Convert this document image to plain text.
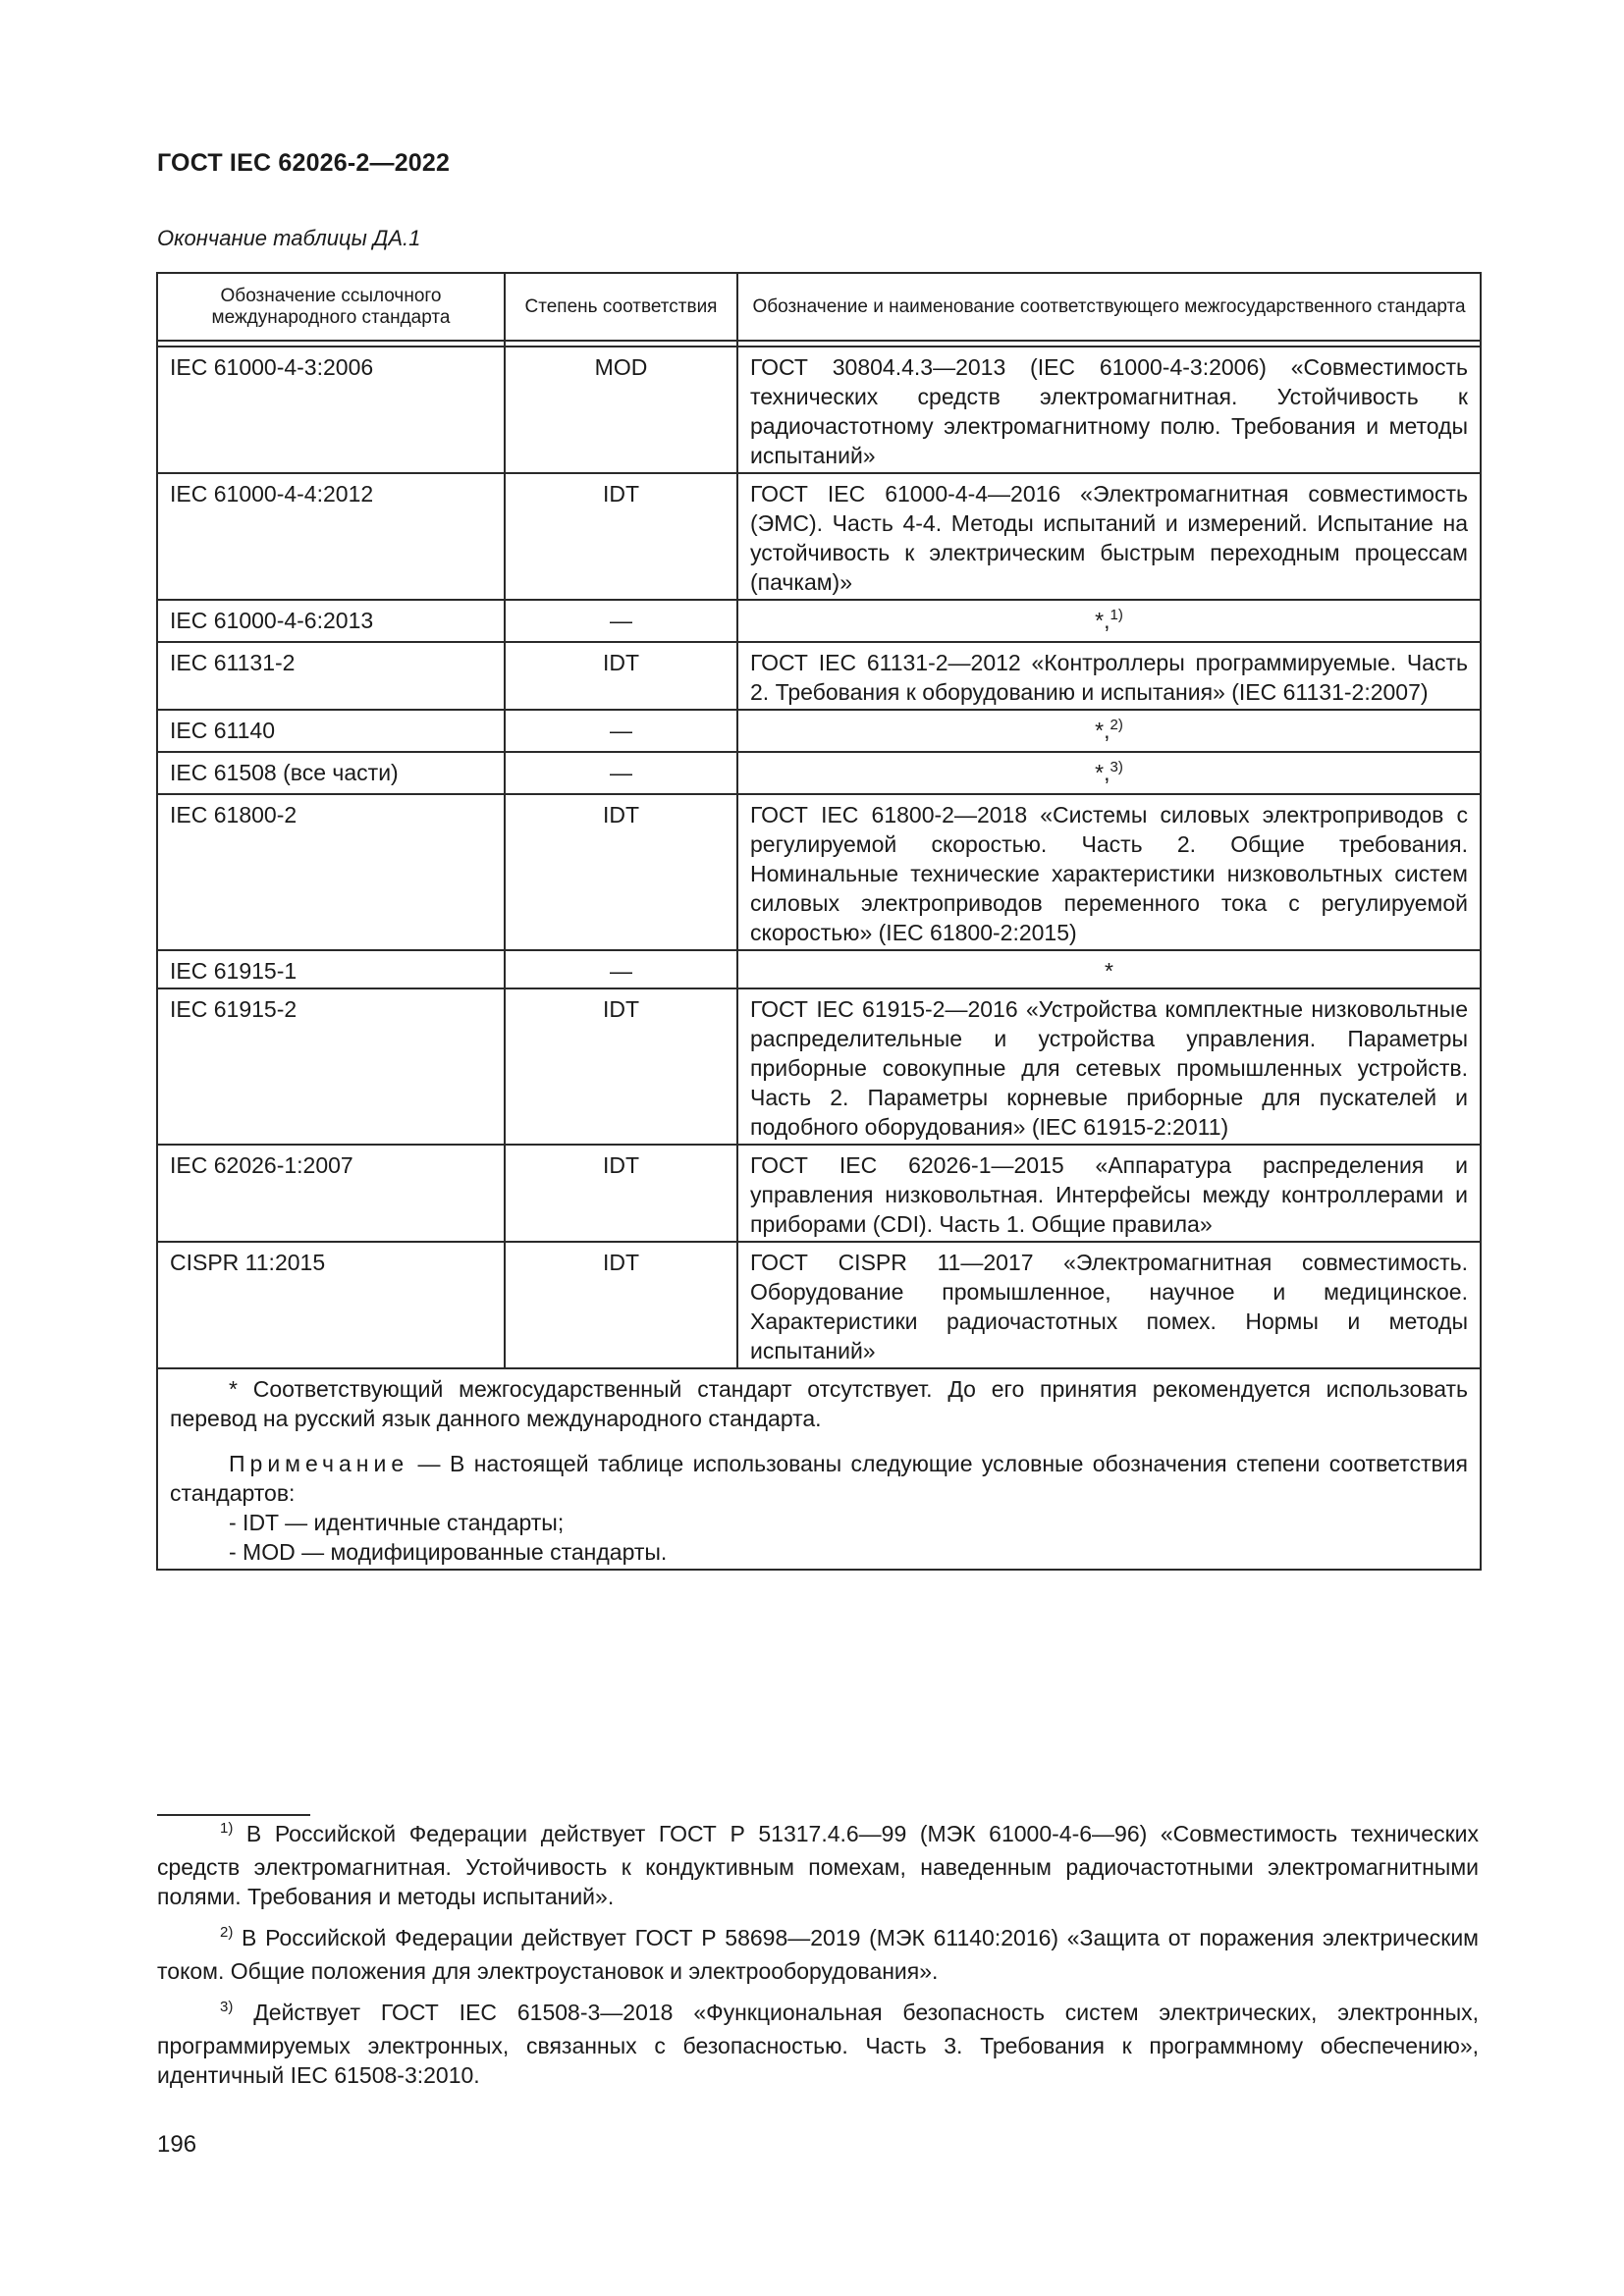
ГОСТ IEC 62026-2—2022
Окончание таблицы ДА.1
Обозначение ссылочного международного стандарта	Степень соответствия	Обозначение и наименование соответствующего межгосударственного стандарта

IEC 61000-4-3:2006	MOD	ГОСТ 30804.4.3—2013 (IEC 61000-4-3:2006) «Совместимость технических средств электромагнитная. Устойчивость к радиочастотному электромагнитному полю. Требования и методы испытаний»
IEC 61000-4-4:2012	IDT	ГОСТ IEC 61000-4-4—2016 «Электромагнитная совместимость (ЭМС). Часть 4-4. Методы испытаний и измерений. Испытание на устойчивость к электрическим быстрым переходным процессам (пачкам)»
IEC 61000-4-6:2013	—	*,$^{1)}$
IEC 61131-2	IDT	ГОСТ IEC 61131-2—2012 «Контроллеры программируемые. Часть 2. Требования к оборудованию и испытания» (IEC 61131-2:2007)
IEC 61140	—	*,$^{2)}$
IEC 61508 (все части)	—	*,$^{3)}$
IEC 61800-2	IDT	ГОСТ IEC 61800-2—2018 «Системы силовых электроприводов с регулируемой скоростью. Часть 2. Общие требования. Номинальные технические характеристики низковольтных систем силовых электроприводов переменного тока с регулируемой скоростью» (IEC 61800-2:2015)
IEC 61915-1	—	*
IEC 61915-2	IDT	ГОСТ IEC 61915-2—2016 «Устройства комплектные низковольтные распределительные и устройства управления. Параметры приборные совокупные для сетевых промышленных устройств. Часть 2. Параметры корневые приборные для пускателей и подобного оборудования» (IEC 61915-2:2011)
IEC 62026-1:2007	IDT	ГОСТ IEC 62026-1—2015 «Аппаратура распределения и управления низковольтная. Интерфейсы между контроллерами и приборами (CDI). Часть 1. Общие правила»
CISPR 11:2015	IDT	ГОСТ CISPR 11—2017 «Электромагнитная совместимость. Оборудование промышленное, научное и медицинское. Характеристики радиочастотных помех. Нормы и методы испытаний»

* Соответствующий межгосударственный стандарт отсутствует. До его принятия рекомендуется использовать перевод на русский язык данного международного стандарта.

Примечание — В настоящей таблице использованы следующие условные обозначения степени соответствия стандартов:

- IDT — идентичные стандарты;

- MOD — модифицированные стандарты.		

$^{1)}$ В Российской Федерации действует ГОСТ Р 51317.4.6—99 (МЭК 61000-4-6—96) «Совместимость технических средств электромагнитная. Устойчивость к кондуктивным помехам, наведенным радиочастотными электромагнитными полями. Требования и методы испытаний».

$^{2)}$ В Российской Федерации действует ГОСТ Р 58698—2019 (МЭК 61140:2016) «Защита от поражения электрическим током. Общие положения для электроустановок и электрооборудования».

$^{3)}$ Действует ГОСТ IEC 61508-3—2018 «Функциональная безопасность систем электрических, электронных, программируемых электронных, связанных с безопасностью. Часть 3. Требования к программному обеспечению», идентичный IEC 61508-3:2010.

196
